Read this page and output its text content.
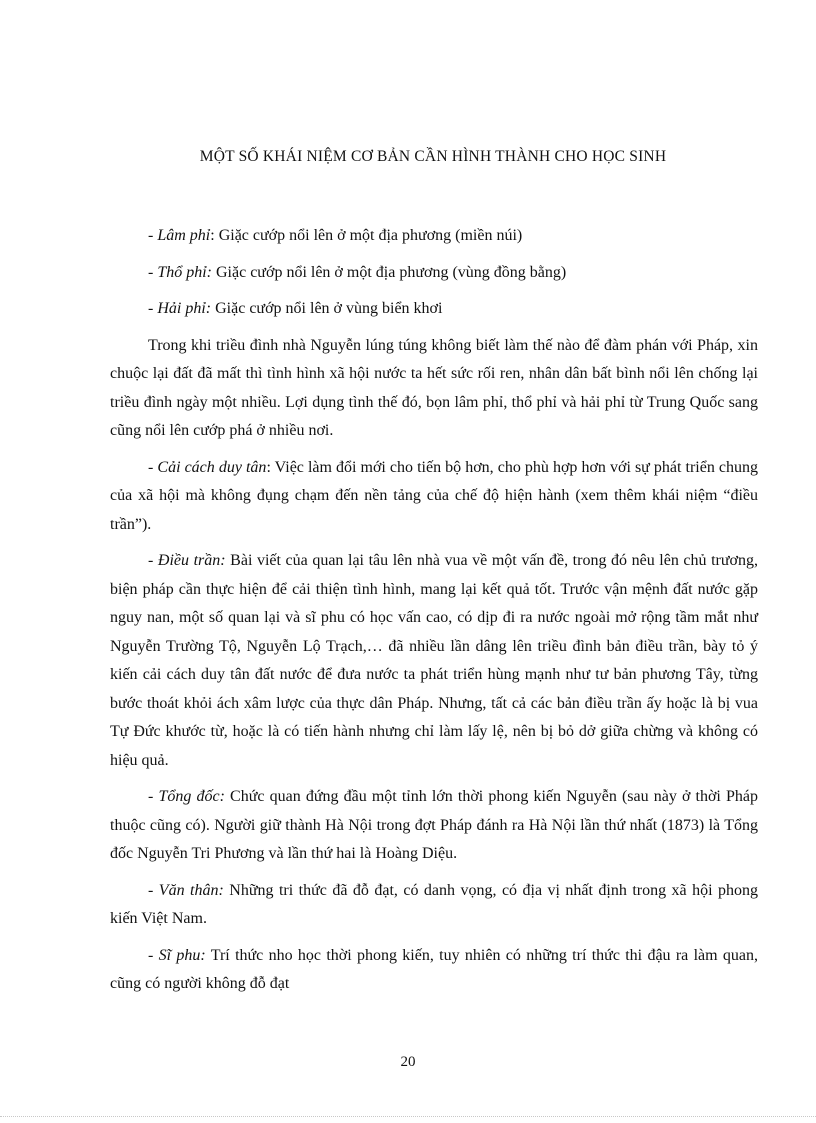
MỘT SỐ KHÁI NIỆM CƠ BẢN CẦN HÌNH THÀNH CHO HỌC SINH

- Lâm phỉ: Giặc cướp nổi lên ở một địa phương (miền núi)

- Thổ phỉ: Giặc cướp nổi lên ở một địa phương (vùng đồng bằng)

- Hải phỉ: Giặc cướp nổi lên ở vùng biển khơi

Trong khi triều đình nhà Nguyễn lúng túng không biết làm thế nào để đàm phán với Pháp, xin chuộc lại đất đã mất thì tình hình xã hội nước ta hết sức rối ren, nhân dân bất bình nổi lên chống lại triều đình ngày một nhiều. Lợi dụng tình thế đó, bọn lâm phỉ, thổ phỉ và hải phỉ từ Trung Quốc sang cũng nổi lên cướp phá ở nhiều nơi.

- Cải cách duy tân: Việc làm đổi mới cho tiến bộ hơn, cho phù hợp hơn với sự phát triển chung của xã hội mà không đụng chạm đến nền tảng của chế độ hiện hành (xem thêm khái niệm “điều trần”).

- Điều trần: Bài viết của quan lại tâu lên nhà vua về một vấn đề, trong đó nêu lên chủ trương, biện pháp cần thực hiện để cải thiện tình hình, mang lại kết quả tốt. Trước vận mệnh đất nước gặp nguy nan, một số quan lại và sĩ phu có học vấn cao, có dịp đi ra nước ngoài mở rộng tầm mắt như Nguyễn Trường Tộ, Nguyễn Lộ Trạch,… đã nhiều lần dâng lên triều đình bản điều trần, bày tỏ ý kiến cải cách duy tân đất nước để đưa nước ta phát triển hùng mạnh như tư bản phương Tây, từng bước thoát khỏi ách xâm lược của thực dân Pháp. Nhưng, tất cả các bản điều trần ấy hoặc là bị vua Tự Đức khước từ, hoặc là có tiến hành nhưng chỉ làm lấy lệ, nên bị bỏ dở giữa chừng và không có hiệu quả.

- Tổng đốc: Chức quan đứng đầu một tỉnh lớn thời phong kiến Nguyễn (sau này ở thời Pháp thuộc cũng có). Người giữ thành Hà Nội trong đợt Pháp đánh ra Hà Nội lần thứ nhất (1873) là Tổng đốc Nguyễn Tri Phương và lần thứ hai là Hoàng Diệu.

- Văn thân: Những tri thức đã đỗ đạt, có danh vọng, có địa vị nhất định trong xã hội phong kiến Việt Nam.

- Sĩ phu: Trí thức nho học thời phong kiến, tuy nhiên có những trí thức thi đậu ra làm quan, cũng có người không đỗ đạt

20
